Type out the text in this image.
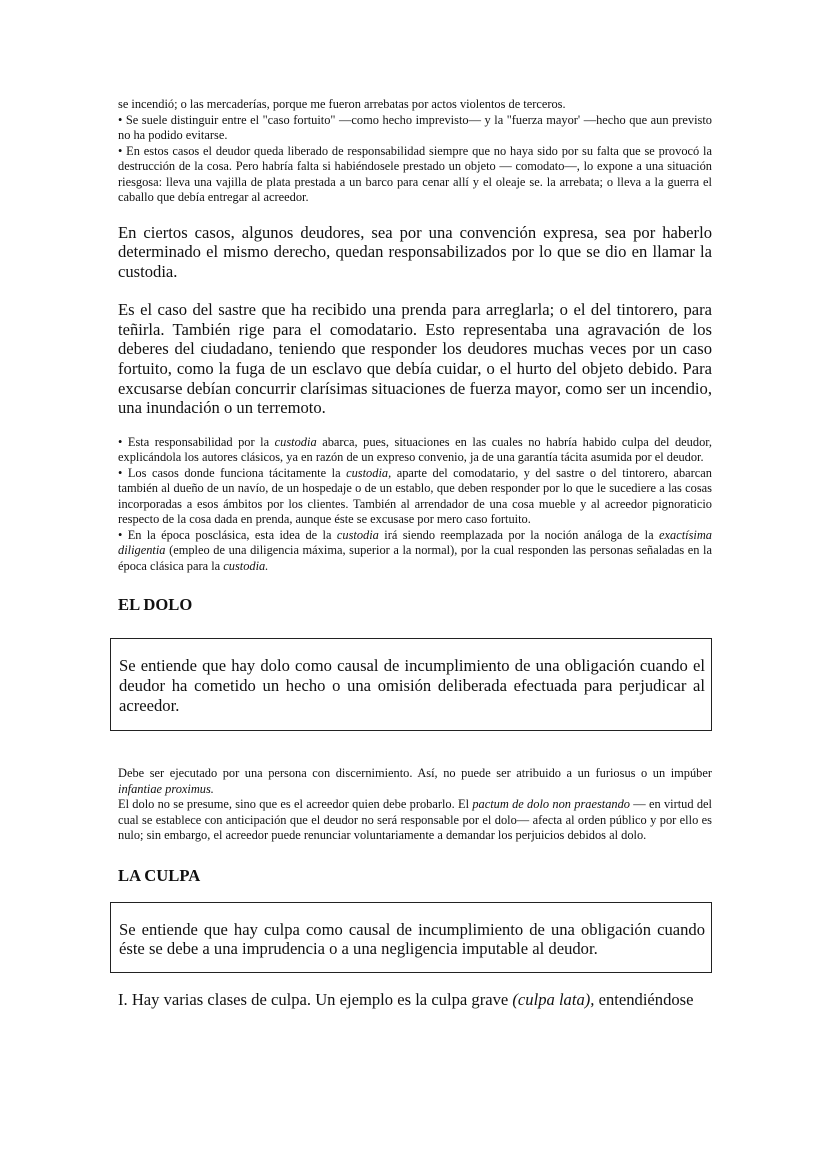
se incendió; o las mercaderías, porque me fueron arrebatas por actos violentos de terceros.

• Se suele distinguir entre el "caso fortuito" —como hecho imprevisto— y la "fuerza mayor' —hecho que aun previsto no ha podido evitarse.

• En estos casos el deudor queda liberado de responsabilidad siempre que no haya sido por su falta que se provocó la destrucción de la cosa. Pero habría falta si habiéndosele prestado un objeto — comodato—, lo expone a una situación riesgosa: lleva una vajilla de plata prestada a un barco para cenar allí y el oleaje se. la arrebata; o lleva a la guerra el caballo que debía entregar al acreedor.

En ciertos casos, algunos deudores, sea por una convención expresa, sea por haberlo determinado el mismo derecho, quedan responsabilizados por lo que se dio en llamar la custodia.

Es el caso del sastre que ha recibido una prenda para arreglarla; o el del tintorero, para teñirla. También rige para el comodatario. Esto representaba una agravación de los deberes del ciudadano, teniendo que responder los deudores muchas veces por un caso fortuito, como la fuga de un esclavo que debía cuidar, o el hurto del objeto debido. Para excusarse debían concurrir clarísimas situaciones de fuerza mayor, como ser un incendio, una inundación o un terremoto.

• Esta responsabilidad por la custodia abarca, pues, situaciones en las cuales no habría habido culpa del deudor, explicándola los autores clásicos, ya en razón de un expreso convenio, ja de una garantía tácita asumida por el deudor.

• Los casos donde funciona tácitamente la custodia, aparte del comodatario, y del sastre o del tintorero, abarcan también al dueño de un navío, de un hospedaje o de un establo, que deben responder por lo que le sucediere a las cosas incorporadas a esos ámbitos por los clientes. También al arrendador de una cosa mueble y al acreedor pignoraticio respecto de la cosa dada en prenda, aunque éste se excusase por mero caso fortuito.

• En la época posclásica, esta idea de la custodia irá siendo reemplazada por la noción análoga de la exactísima diligentia (empleo de una diligencia máxima, superior a la normal), por la cual responden las personas señaladas en la época clásica para la custodia.

EL DOLO

Se entiende que hay dolo como causal de incumplimiento de una obligación cuando el deudor ha cometido un hecho o una omisión deliberada efectuada para perjudicar al acreedor.

Debe ser ejecutado por una persona con discernimiento. Así, no puede ser atribuido a un furiosus o un impúber infantiae proximus.

El dolo no se presume, sino que es el acreedor quien debe probarlo. El pactum de dolo non praestando — en virtud del cual se establece con anticipación que el deudor no será responsable por el dolo— afecta al orden público y por ello es nulo; sin embargo, el acreedor puede renunciar voluntariamente a demandar los perjuicios debidos al dolo.

LA CULPA

Se entiende que hay culpa como causal de incumplimiento de una obligación cuando éste se debe a una imprudencia o a una negligencia imputable al deudor.

I. Hay varias clases de culpa. Un ejemplo es la culpa grave (culpa lata), entendiéndose
